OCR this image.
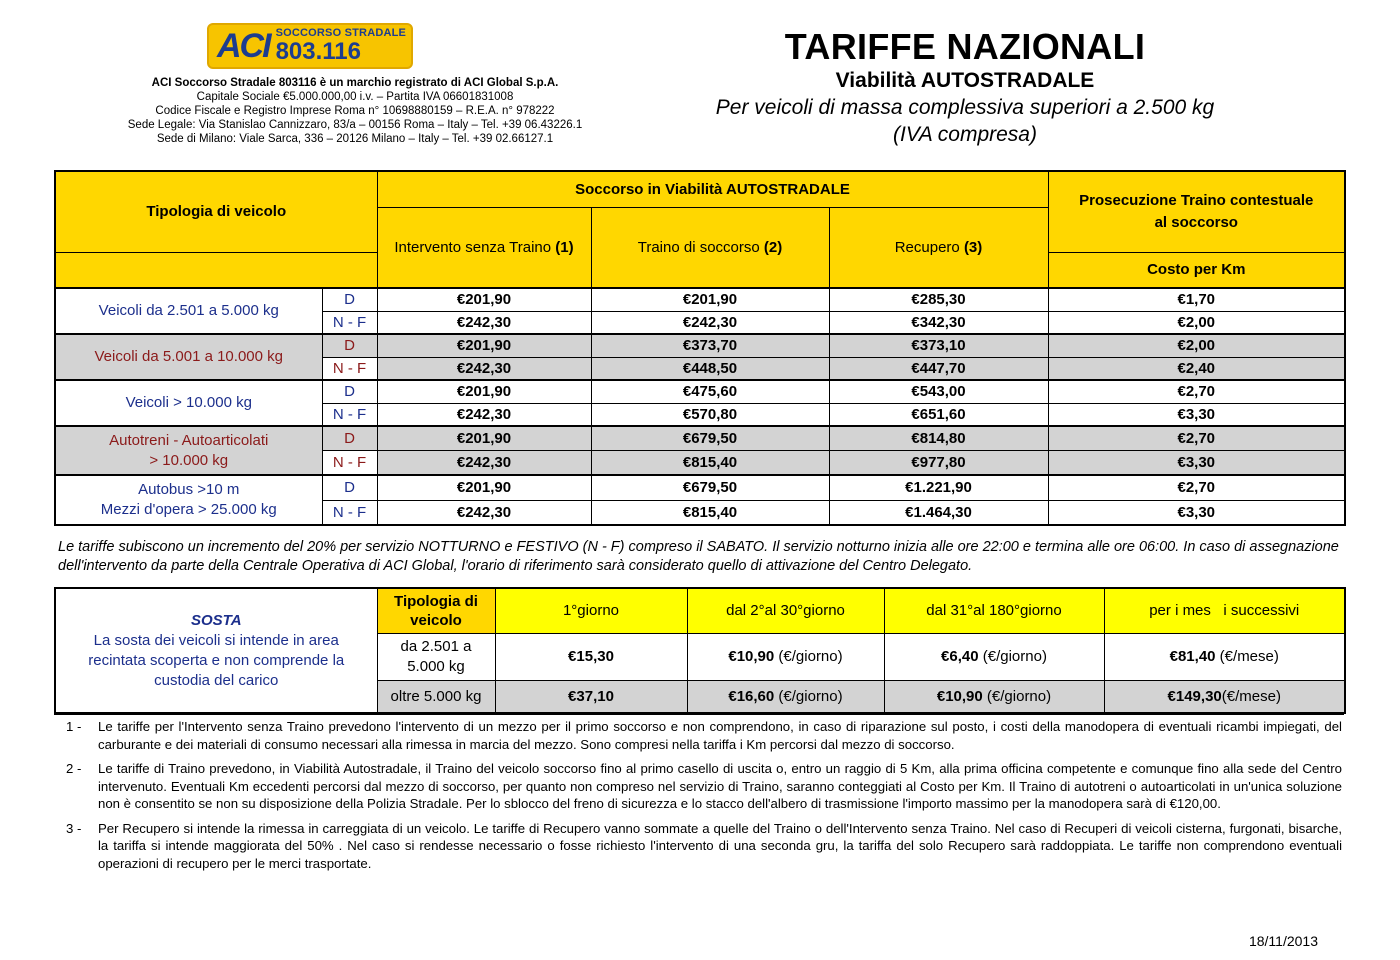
ACI SOCCORSO STRADALE
803.116
ACI Soccorso Stradale 803116 è un marchio registrato di ACI Global S.p.A.
Capitale Sociale €5.000.000,00 i.v. – Partita IVA 06601831008
Codice Fiscale e Registro Imprese Roma n° 10698880159 – R.E.A. n° 978222
Sede Legale: Via Stanislao Cannizzaro, 83/a – 00156 Roma – Italy – Tel. +39 06.43226.1
Sede di Milano: Viale Sarca, 336 – 20126 Milano – Italy – Tel. +39 02.66127.1
TARIFFE NAZIONALI
Viabilità AUTOSTRADALE
Per veicoli di massa complessiva superiori a 2.500 kg
(IVA compresa)
Tipologia di veicolo		Soccorso in Viabilità AUTOSTRADALE			Prosecuzione Traino contestuale al soccorso
		Intervento senza Traino (1)	Traino di soccorso (2)	Recupero (3)	
					Costo per Km
Veicoli da 2.501 a 5.000 kg	D	€201,90	€201,90	€285,30	€1,70
	N - F	€242,30	€242,30	€342,30	€2,00
Veicoli da 5.001 a 10.000 kg	D	€201,90	€373,70	€373,10	€2,00
	N - F	€242,30	€448,50	€447,70	€2,40
Veicoli > 10.000 kg	D	€201,90	€475,60	€543,00	€2,70
	N - F	€242,30	€570,80	€651,60	€3,30

Autotreni - Autoarticolati
> 10.000 kg	D	€201,90	€679,50	€814,80	€2,70
	N - F	€242,30	€815,40	€977,80	€3,30

Autobus >10 m
Mezzi d'opera > 25.000 kg	D	€201,90	€679,50	€1.221,90	€2,70
	N - F	€242,30	€815,40	€1.464,30	€3,30
Le tariffe subiscono un incremento del 20% per servizio NOTTURNO e FESTIVO (N - F) compreso il SABATO. Il servizio notturno inizia alle ore 22:00 e termina alle ore 06:00. In caso di assegnazione dell'intervento da parte della Centrale Operativa di ACI Global, l'orario di riferimento sarà considerato quello di attivazione del Centro Delegato.
SOSTA
La sosta dei veicoli si intende in area recintata scoperta e non comprende la custodia del carico	Tipologia di veicolo	1°giorno	dal 2°al 30°giorno	dal 31°al 180°giorno	per i mes   i successivi
	da 2.501 a 5.000 kg	€15,30	€10,90 (€/giorno)	€6,40 (€/giorno)	€81,40 (€/mese)
	oltre 5.000 kg	€37,10	€16,60 (€/giorno)	€10,90 (€/giorno)	€149,30(€/mese)
1 -	Le tariffe per l'Intervento senza Traino prevedono l'intervento di un mezzo per il primo soccorso e non comprendono, in caso di riparazione sul posto, i costi della manodopera di eventuali ricambi impiegati, del carburante e dei materiali di consumo necessari alla rimessa in marcia del mezzo. Sono compresi nella tariffa i Km percorsi dal mezzo di soccorso.
2 -	Le tariffe di Traino prevedono, in Viabilità Autostradale, il Traino del veicolo soccorso fino al primo casello di uscita o, entro un raggio di 5 Km, alla prima officina competente e comunque fino alla sede del Centro intervenuto. Eventuali Km eccedenti percorsi dal mezzo di soccorso, per quanto non compreso nel servizio di Traino, saranno conteggiati al Costo per Km. Il Traino di autotreni o autoarticolati in un'unica soluzione non è consentito se non su disposizione della Polizia Stradale. Per lo sblocco del freno di sicurezza e lo stacco dell'albero di trasmissione l'importo massimo per la manodopera sarà di €120,00.
3 -	Per Recupero si intende la rimessa in carreggiata di un veicolo. Le tariffe di Recupero vanno sommate a quelle del Traino o dell'Intervento senza Traino. Nel caso di Recuperi di veicoli cisterna, furgonati, bisarche, la tariffa si intende maggiorata del 50% . Nel caso si rendesse necessario o fosse richiesto l'intervento di una seconda gru, la tariffa del solo Recupero sarà raddoppiata. Le tariffe non comprendono eventuali operazioni di recupero per le merci trasportate.
18/11/2013
